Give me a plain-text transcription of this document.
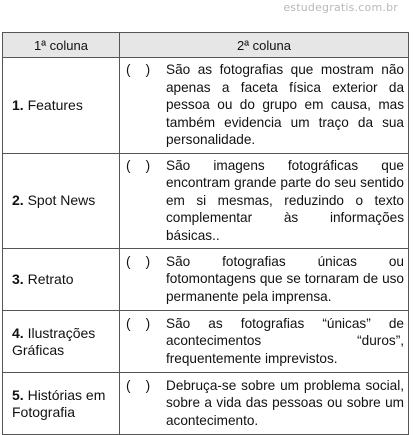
estudegratis.com.br
1ª coluna	2ª coluna
1. Features	(    ) São as fotografias que mostram não apenas a faceta física exterior da pessoa ou do grupo em causa, mas também evidencia um traço da sua personalidade.

2. Spot News	(    ) São imagens fotográficas que encontram grande parte do seu sentido em si mesmas, reduzindo o texto complementar às informações básicas..

3. Retrato	(    ) São fotografias únicas ou fotomontagens que se tornaram de uso permanente pela imprensa.

4. Ilustrações Gráficas	(    ) São as fotografias “únicas” de acontecimentos “duros”, frequentemente imprevistos.

5. Histórias em Fotografia	(    ) Debruça-se sobre um problema social, sobre a vida das pessoas ou sobre um acontecimento.
